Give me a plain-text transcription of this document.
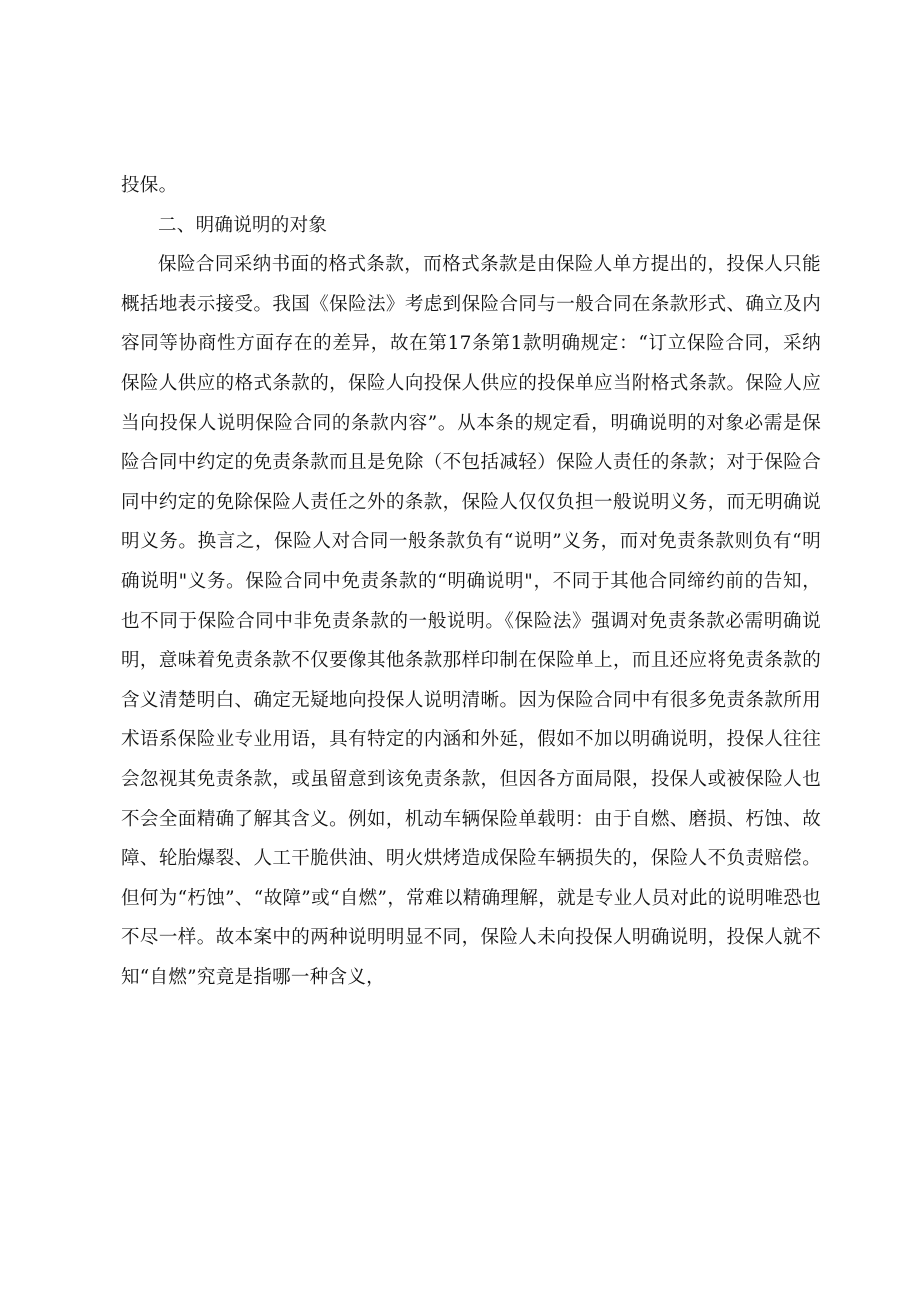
投保。

二、明确说明的对象

保险合同采纳书面的格式条款，而格式条款是由保险人单方提出的，投保人只能概括地表示接受。我国《保险法》考虑到保险合同与一般合同在条款形式、确立及内容同等协商性方面存在的差异，故在第17条第1款明确规定：“订立保险合同，采纳保险人供应的格式条款的，保险人向投保人供应的投保单应当附格式条款。保险人应当向投保人说明保险合同的条款内容”。从本条的规定看，明确说明的对象必需是保险合同中约定的免责条款而且是免除（不包括减轻）保险人责任的条款；对于保险合同中约定的免除保险人责任之外的条款，保险人仅仅负担一般说明义务，而无明确说明义务。换言之，保险人对合同一般条款负有“说明”义务，而对免责条款则负有“明确说明"义务。保险合同中免责条款的“明确说明"，不同于其他合同缔约前的告知，也不同于保险合同中非免责条款的一般说明。《保险法》强调对免责条款必需明确说明，意味着免责条款不仅要像其他条款那样印制在保险单上，而且还应将免责条款的含义清楚明白、确定无疑地向投保人说明清晰。因为保险合同中有很多免责条款所用术语系保险业专业用语，具有特定的内涵和外延，假如不加以明确说明，投保人往往会忽视其免责条款，或虽留意到该免责条款，但因各方面局限，投保人或被保险人也不会全面精确了解其含义。例如，机动车辆保险单载明：由于自燃、磨损、朽蚀、故障、轮胎爆裂、人工干脆供油、明火烘烤造成保险车辆损失的，保险人不负责赔偿。但何为“朽蚀”、“故障”或“自燃”，常难以精确理解，就是专业人员对此的说明唯恐也不尽一样。故本案中的两种说明明显不同，保险人未向投保人明确说明，投保人就不知“自燃”究竟是指哪一种含义，
